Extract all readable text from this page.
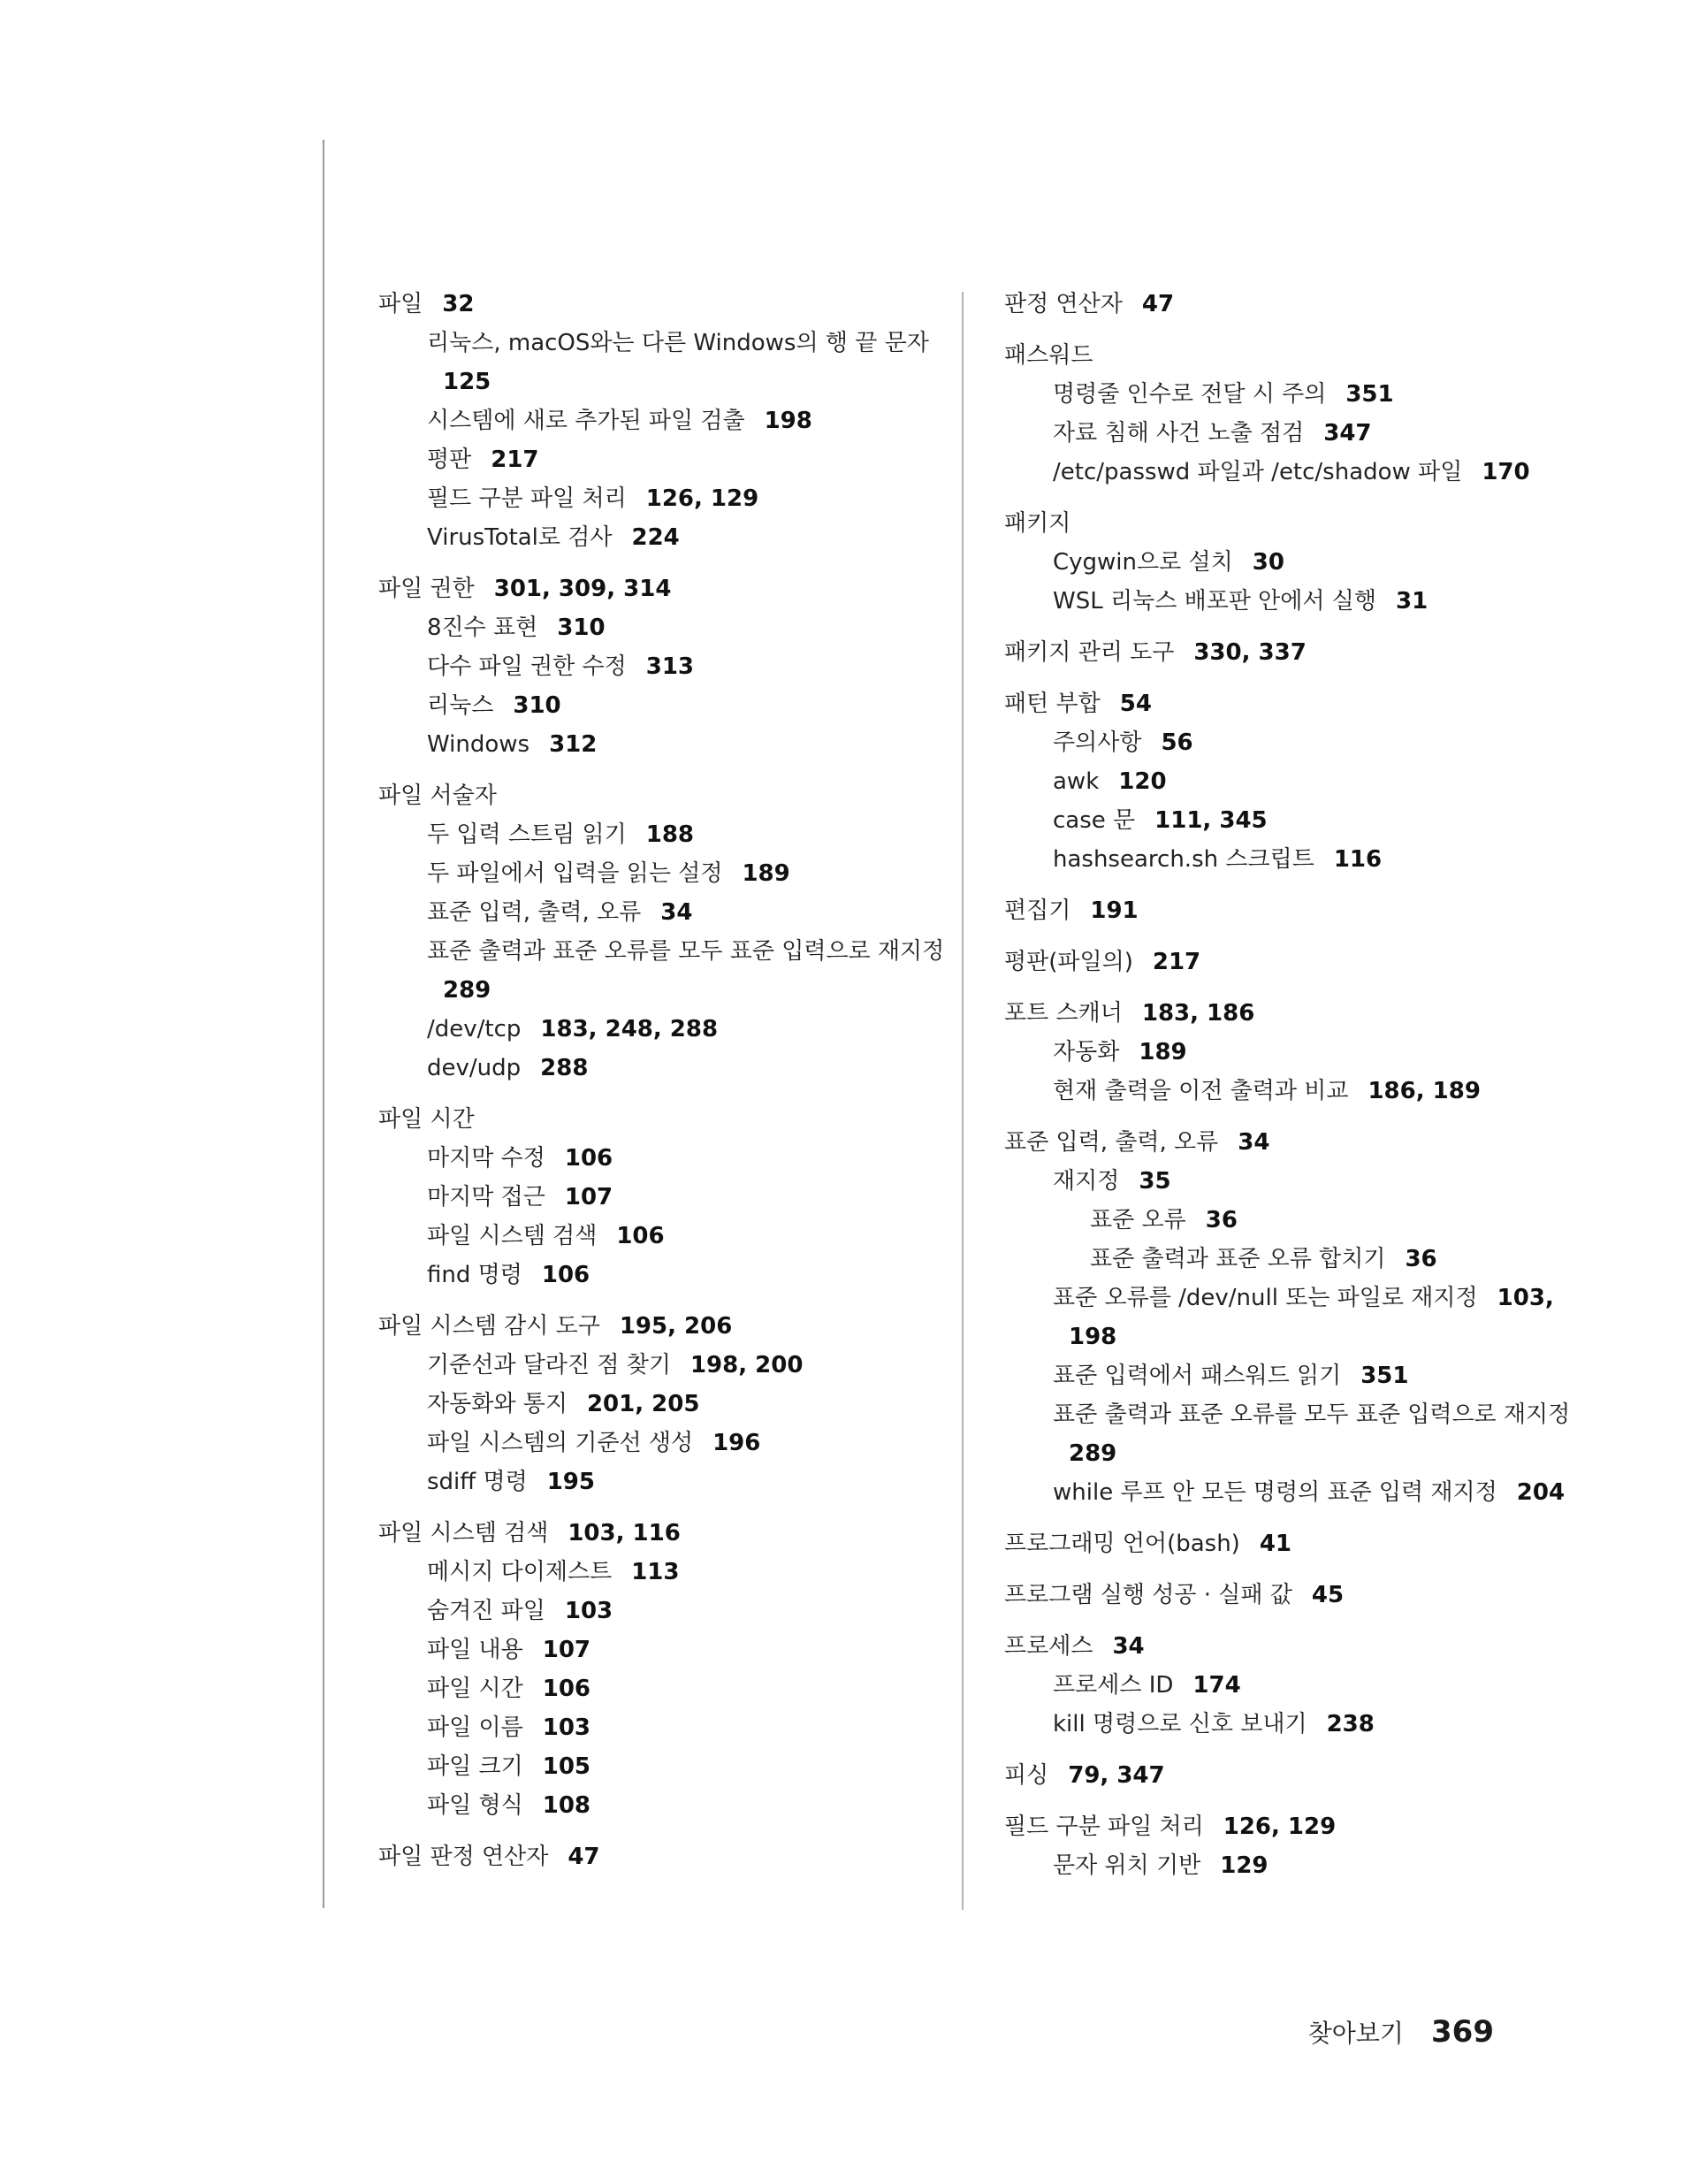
파일 32
리눅스, macOS와는 다른 Windows의 행 끝 문자
125
시스템에 새로 추가된 파일 검출 198
평판 217
필드 구분 파일 처리 126, 129
VirusTotal로 검사 224
파일 권한 301, 309, 314
8진수 표현 310
다수 파일 권한 수정 313
리눅스 310
Windows 312
파일 서술자
두 입력 스트림 읽기 188
두 파일에서 입력을 읽는 설정 189
표준 입력, 출력, 오류 34
표준 출력과 표준 오류를 모두 표준 입력으로 재지정
289
/dev/tcp 183, 248, 288
dev/udp 288
파일 시간
마지막 수정 106
마지막 접근 107
파일 시스템 검색 106
find 명령 106
파일 시스템 감시 도구 195, 206
기준선과 달라진 점 찾기 198, 200
자동화와 통지 201, 205
파일 시스템의 기준선 생성 196
sdiff 명령 195
파일 시스템 검색 103, 116
메시지 다이제스트 113
숨겨진 파일 103
파일 내용 107
파일 시간 106
파일 이름 103
파일 크기 105
파일 형식 108
파일 판정 연산자 47
판정 연산자 47
패스워드
명령줄 인수로 전달 시 주의 351
자료 침해 사건 노출 점검 347
/etc/passwd 파일과 /etc/shadow 파일 170
패키지
Cygwin으로 설치 30
WSL 리눅스 배포판 안에서 실행 31
패키지 관리 도구 330, 337
패턴 부합 54
주의사항 56
awk 120
case 문 111, 345
hashsearch.sh 스크립트 116
편집기 191
평판(파일의) 217
포트 스캐너 183, 186
자동화 189
현재 출력을 이전 출력과 비교 186, 189
표준 입력, 출력, 오류 34
재지정 35
표준 오류 36
표준 출력과 표준 오류 합치기 36
표준 오류를 /dev/null 또는 파일로 재지정 103,
198
표준 입력에서 패스워드 읽기 351
표준 출력과 표준 오류를 모두 표준 입력으로 재지정
289
while 루프 안 모든 명령의 표준 입력 재지정 204
프로그래밍 언어(bash) 41
프로그램 실행 성공 · 실패 값 45
프로세스 34
프로세스 ID 174
kill 명령으로 신호 보내기 238
피싱 79, 347
필드 구분 파일 처리 126, 129
문자 위치 기반 129
찾아보기 369
